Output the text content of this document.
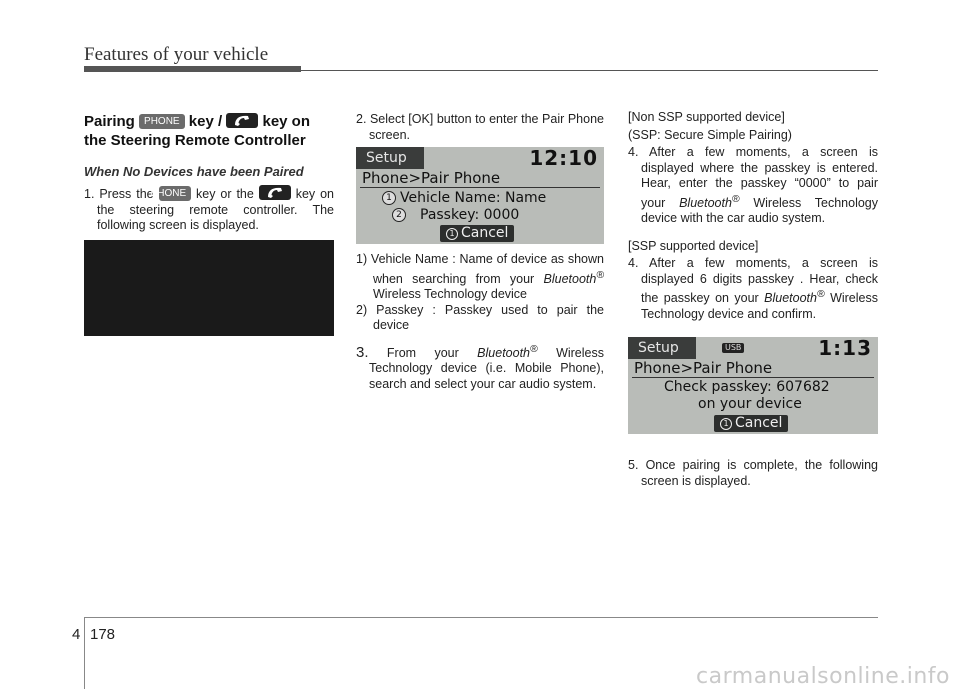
Features of your vehicle
Pairing PHONE key /	key on
the Steering Remote Controller
When No Devices have been Paired

1. Press the PHONE key or the	key on the steering remote controller. The following screen is displayed.

2. Select [OK] button to enter the Pair Phone screen.

Setup	12:10
Phone>Pair Phone
1 Vehicle Name: Name
2 Passkey: 0000
1 Cancel

1) Vehicle Name : Name of device as shown when searching from your Bluetooth® Wireless Technology device

2) Passkey : Passkey used to pair the device

3. From your Bluetooth® Wireless Technology device (i.e. Mobile Phone), search and select your car audio system.

[Non SSP supported device]

(SSP: Secure Simple Pairing)

4. After a few moments, a screen is displayed where the passkey is entered. Hear, enter the passkey “0000” to pair your Bluetooth® Wireless Technology device with the car audio system.

[SSP supported device]

4. After a few moments, a screen is displayed 6 digits passkey . Hear, check the passkey on your Bluetooth® Wireless Technology device and confirm.

Setup	USB	1:13
Phone>Pair Phone
Check passkey: 607682
on your device
1 Cancel

5. Once pairing is complete, the following screen is displayed.

4 178
carmanualsonline.info
